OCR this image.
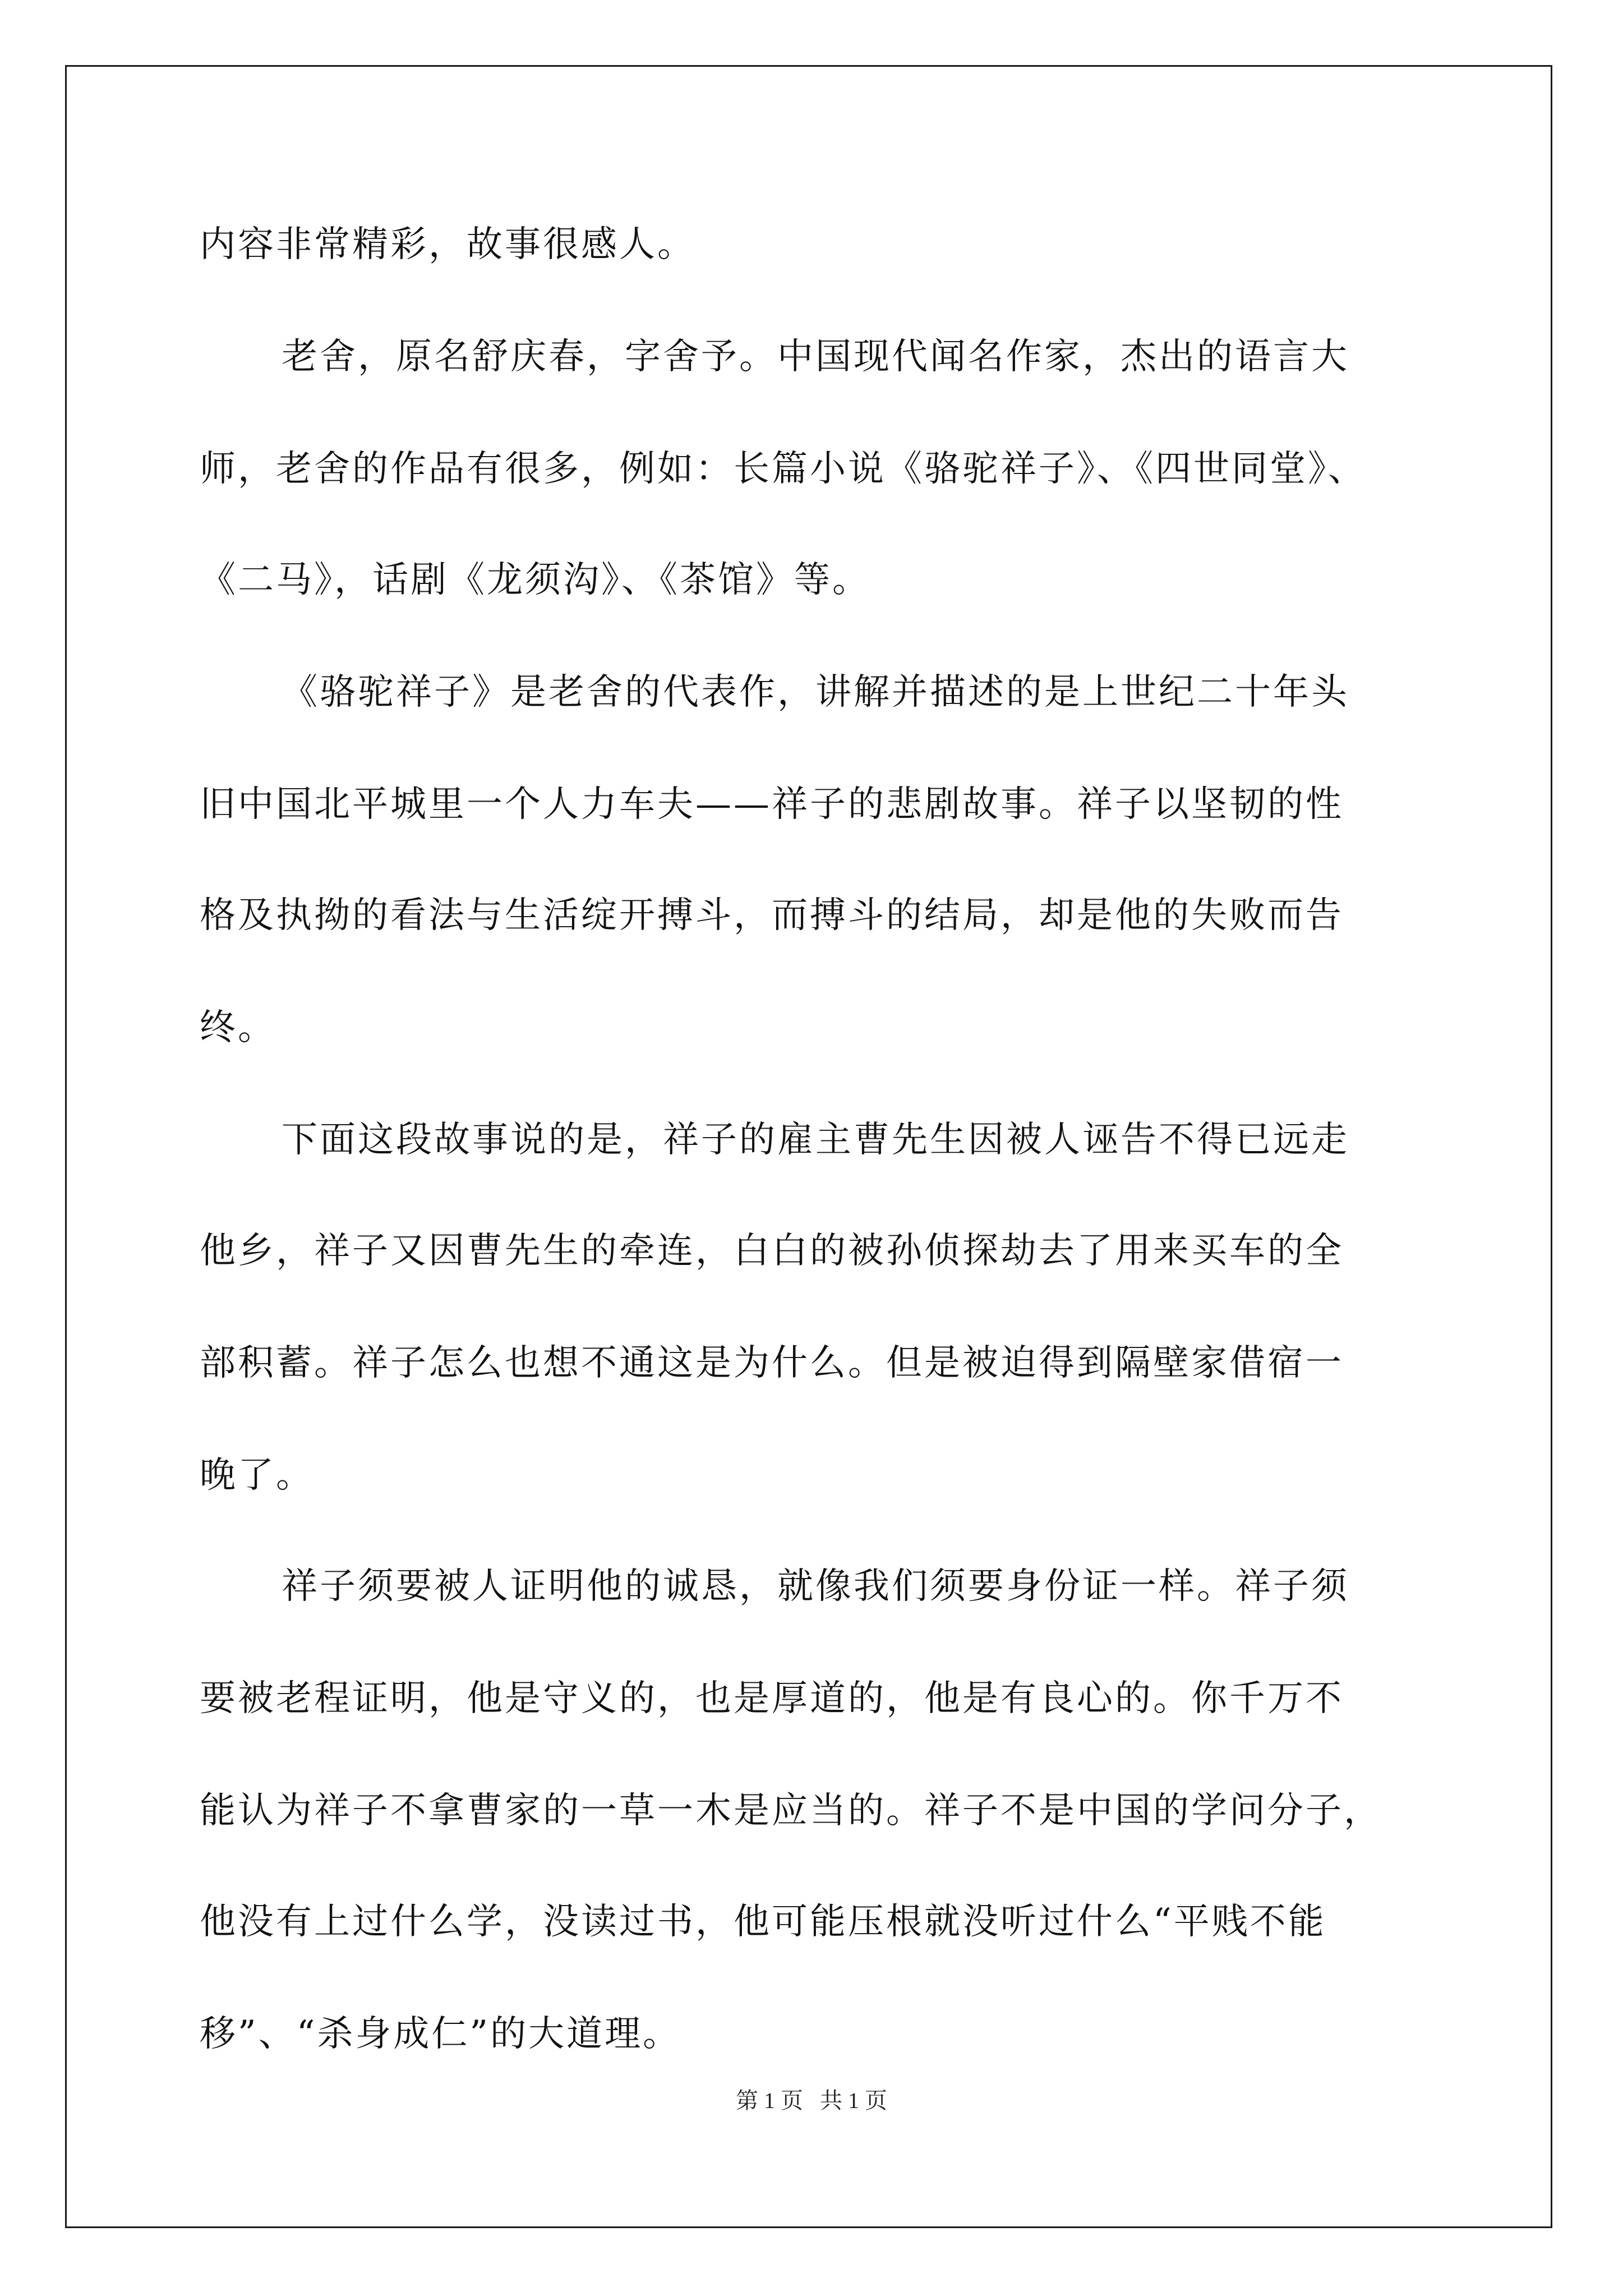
内容非常精彩，故事很感人。
老舍，原名舒庆春，字舍予。中国现代闻名作家，杰出的语言大
师，老舍的作品有很多，例如：长篇小说《骆驼祥子》、《四世同堂》、
《二马》，话剧《龙须沟》、《茶馆》等。
《骆驼祥子》是老舍的代表作，讲解并描述的是上世纪二十年头
旧中国北平城里一个人力车夫——祥子的悲剧故事。祥子以坚韧的性
格及执拗的看法与生活绽开搏斗，而搏斗的结局，却是他的失败而告
终。
下面这段故事说的是，祥子的雇主曹先生因被人诬告不得已远走
他乡，祥子又因曹先生的牵连，白白的被孙侦探劫去了用来买车的全
部积蓄。祥子怎么也想不通这是为什么。但是被迫得到隔壁家借宿一
晚了。
祥子须要被人证明他的诚恳，就像我们须要身份证一样。祥子须
要被老程证明，他是守义的，也是厚道的，他是有良心的。你千万不
能认为祥子不拿曹家的一草一木是应当的。祥子不是中国的学问分子，
他没有上过什么学，没读过书，他可能压根就没听过什么“平贱不能
移”、“杀身成仁”的大道理。
第 1 页   共 1 页
